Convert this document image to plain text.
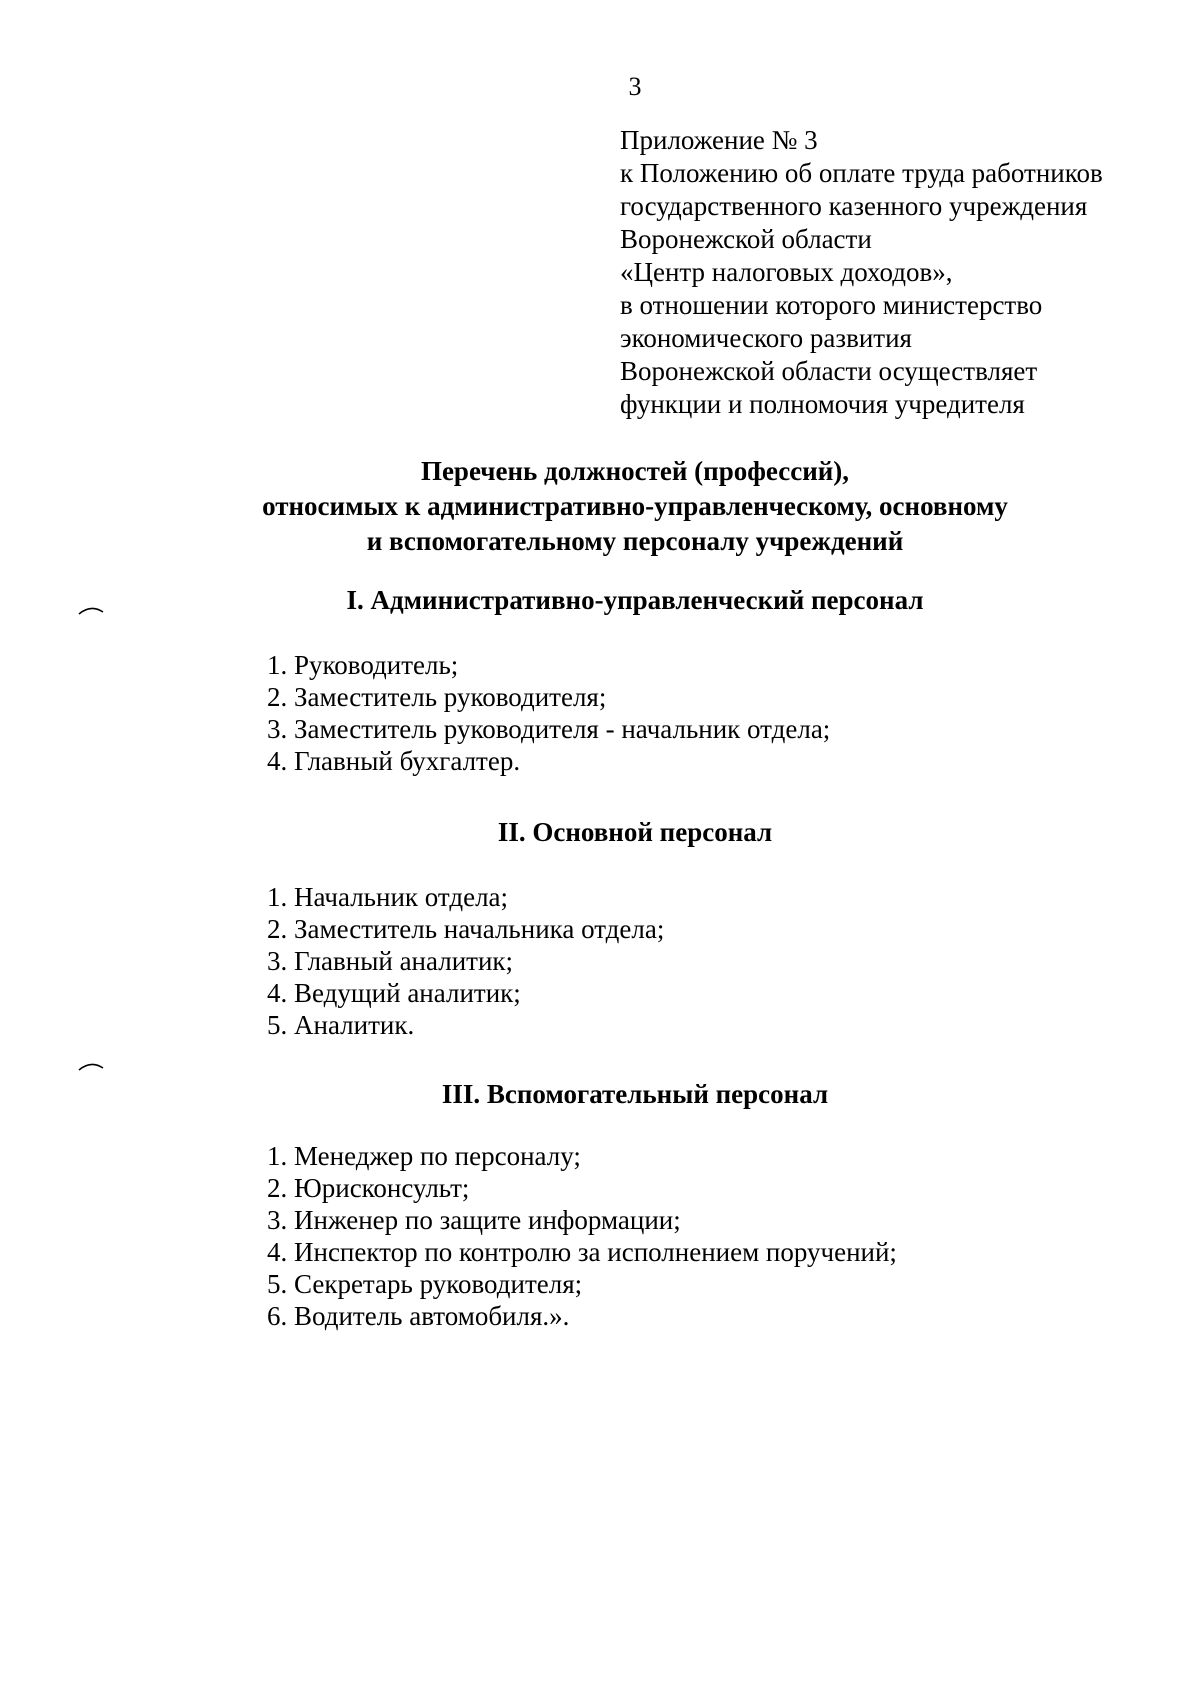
3
Приложение № 3
к Положению об оплате труда работников
государственного казенного учреждения
Воронежской области
«Центр налоговых доходов»,
в отношении которого министерство
экономического развития
Воронежской области осуществляет
функции и полномочия учредителя
Перечень должностей (профессий),
относимых к административно-управленческому, основному
и вспомогательному персоналу учреждений
I. Административно-управленческий персонал
1. Руководитель;
2. Заместитель руководителя;
3. Заместитель руководителя - начальник отдела;
4. Главный бухгалтер.
II. Основной персонал
1. Начальник отдела;
2. Заместитель начальника отдела;
3. Главный аналитик;
4. Ведущий аналитик;
5. Аналитик.
III. Вспомогательный персонал
1. Менеджер по персоналу;
2. Юрисконсульт;
3. Инженер по защите информации;
4. Инспектор по контролю за исполнением поручений;
5. Секретарь руководителя;
6. Водитель автомобиля.».
